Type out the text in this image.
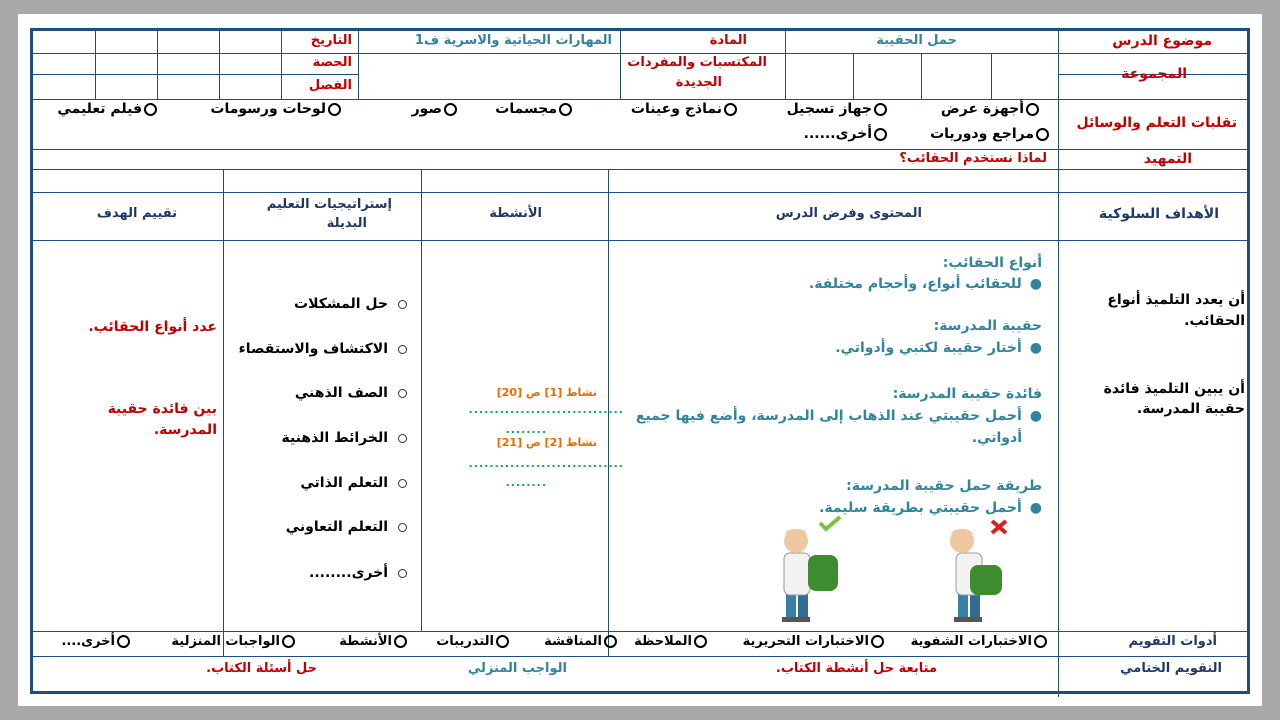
موضوع الدرس
حمل الحقيبة
المادة
المهارات الحياتية والاسرية ف1
التاريخ
المجموعة
المكتسبات والمفردات
الجديدة
الحصة
الفصل
تقلبات التعلم والوسائل
أجهزة عرض
جهاز تسجيل
نماذج وعينات
مجسمات
صور
لوحات ورسومات
فيلم تعليمي
مراجع ودوريات
أخرى......
التمهيد
لماذا نستخدم الحقائب؟
الأهداف السلوكية
المحتوى وفرض الدرس
الأنشطة
إستراتيجيات التعليم
البديلة
تقييم الهدف
أن يعدد التلميذ أنواع
الحقائب.
أن يبين التلميذ فائدة
حقيبة المدرسة.
أنواع الحقائب:
●للحقائب أنواع، وأحجام مختلفة.
حقيبة المدرسة:
●أختار حقيبة لكتبي وأدواتي.
فائدة حقيبة المدرسة:
●أحمل حقيبتي عند الذهاب إلى المدرسة، وأضع فيها جميع
أدواتي.
طريقة حمل حقيبة المدرسة:
●أحمل حقيبتي بطريقة سليمة.
نشاط [1] ص [20]
..............................
........
نشاط [2] ص [21]
..............................
........
حل المشكلات
الاكتشاف والاستقصاء
الصف الذهني
الخرائط الذهنية
التعلم الذاتي
التعلم التعاوني
أخرى........
عدد أنواع الحقائب.
بين فائدة حقيبة
المدرسة.
أدوات التقويم
الاختبارات الشفوية
الاختبارات التحريرية
الملاحظة
المناقشة
التدريبات
الأنشطة
الواجبات المنزلية
أخرى....
التقويم الختامي
متابعة حل أنشطة الكتاب.
الواجب المنزلي
حل أسئلة الكتاب.
